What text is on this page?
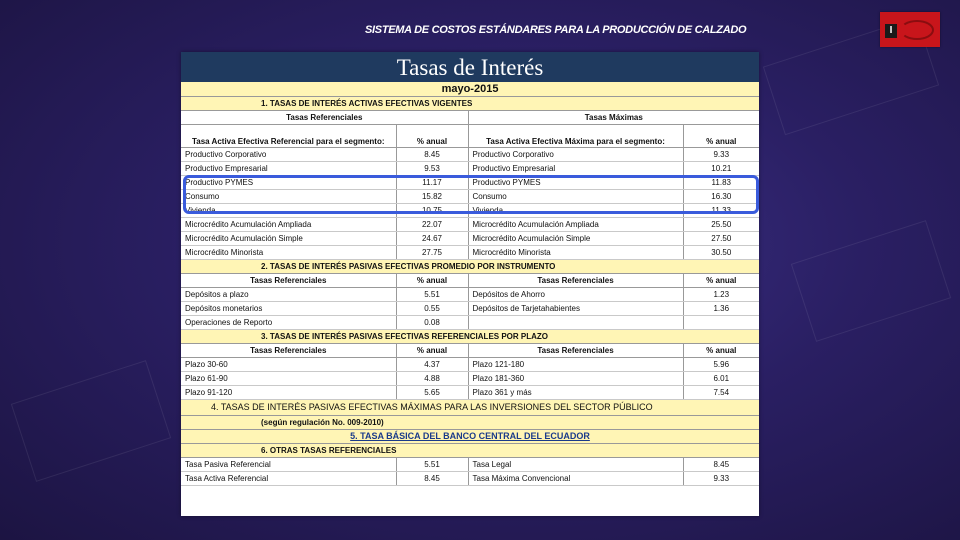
SISTEMA DE COSTOS ESTÁNDARES PARA LA PRODUCCIÓN DE CALZADO	I
Tasas de Interés
mayo-2015
1. TASAS DE INTERÉS ACTIVAS EFECTIVAS VIGENTES			
Tasas Referenciales		Tasas Máximas	
Tasa Activa Efectiva Referencial para el segmento:	% anual	Tasa Activa Efectiva Máxima para el segmento:	% anual
Productivo Corporativo	8.45	Productivo Corporativo	9.33
Productivo Empresarial	9.53	Productivo Empresarial	10.21
Productivo PYMES	11.17	Productivo PYMES	11.83
Consumo	15.82	Consumo	16.30
Vivienda	10.75	Vivienda	11.33
Microcrédito Acumulación Ampliada	22.07	Microcrédito Acumulación Ampliada	25.50
Microcrédito Acumulación Simple	24.67	Microcrédito Acumulación Simple	27.50
Microcrédito Minorista	27.75	Microcrédito Minorista	30.50
2. TASAS DE INTERÉS PASIVAS EFECTIVAS PROMEDIO POR INSTRUMENTO			
Tasas Referenciales	% anual	Tasas Referenciales	% anual
Depósitos a plazo	5.51	Depósitos de Ahorro	1.23
Depósitos monetarios	0.55	Depósitos de Tarjetahabientes	1.36
Operaciones de Reporto	0.08		
3. TASAS DE INTERÉS PASIVAS EFECTIVAS REFERENCIALES POR PLAZO			
Tasas Referenciales	% anual	Tasas Referenciales	% anual
Plazo 30-60	4.37	Plazo 121-180	5.96
Plazo 61-90	4.88	Plazo 181-360	6.01
Plazo 91-120	5.65	Plazo 361 y más	7.54
4. TASAS DE INTERÉS PASIVAS EFECTIVAS MÁXIMAS PARA LAS INVERSIONES DEL SECTOR PÚBLICO			
(según regulación No. 009-2010)			
5. TASA BÁSICA DEL BANCO CENTRAL DEL ECUADOR			
6. OTRAS TASAS REFERENCIALES			
Tasa Pasiva Referencial	5.51	Tasa Legal	8.45
Tasa Activa Referencial	8.45	Tasa Máxima Convencional	9.33
